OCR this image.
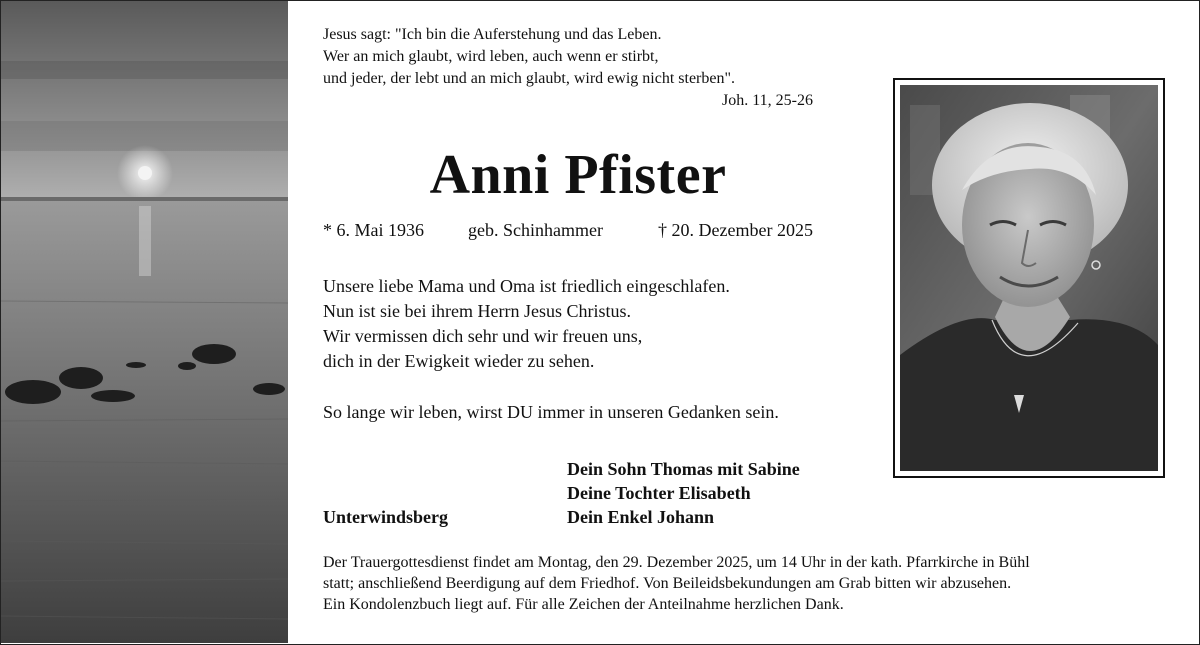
Jesus sagt: "Ich bin die Auferstehung und das Leben.
Wer an mich glaubt, wird leben, auch wenn er stirbt,
und jeder, der lebt und an mich glaubt, wird ewig nicht sterben".
Joh. 11, 25-26
Anni Pfister
* 6. Mai 1936 geb. Schinhammer	† 20. Dezember 2025
Unsere liebe Mama und Oma ist friedlich eingeschlafen.
Nun ist sie bei ihrem Herrn Jesus Christus.
Wir vermissen dich sehr und wir freuen uns,
dich in der Ewigkeit wieder zu sehen.
So lange wir leben, wirst DU immer in unseren Gedanken sein.
Dein Sohn Thomas mit Sabine
Deine Tochter Elisabeth
Dein Enkel Johann
Unterwindsberg
Der Trauergottesdienst findet am Montag, den 29. Dezember 2025, um 14 Uhr in der kath. Pfarrkirche in Bühl
statt; anschließend Beerdigung auf dem Friedhof. Von Beileidsbekundungen am Grab bitten wir abzusehen.
Ein Kondolenzbuch liegt auf. Für alle Zeichen der Anteilnahme herzlichen Dank.
